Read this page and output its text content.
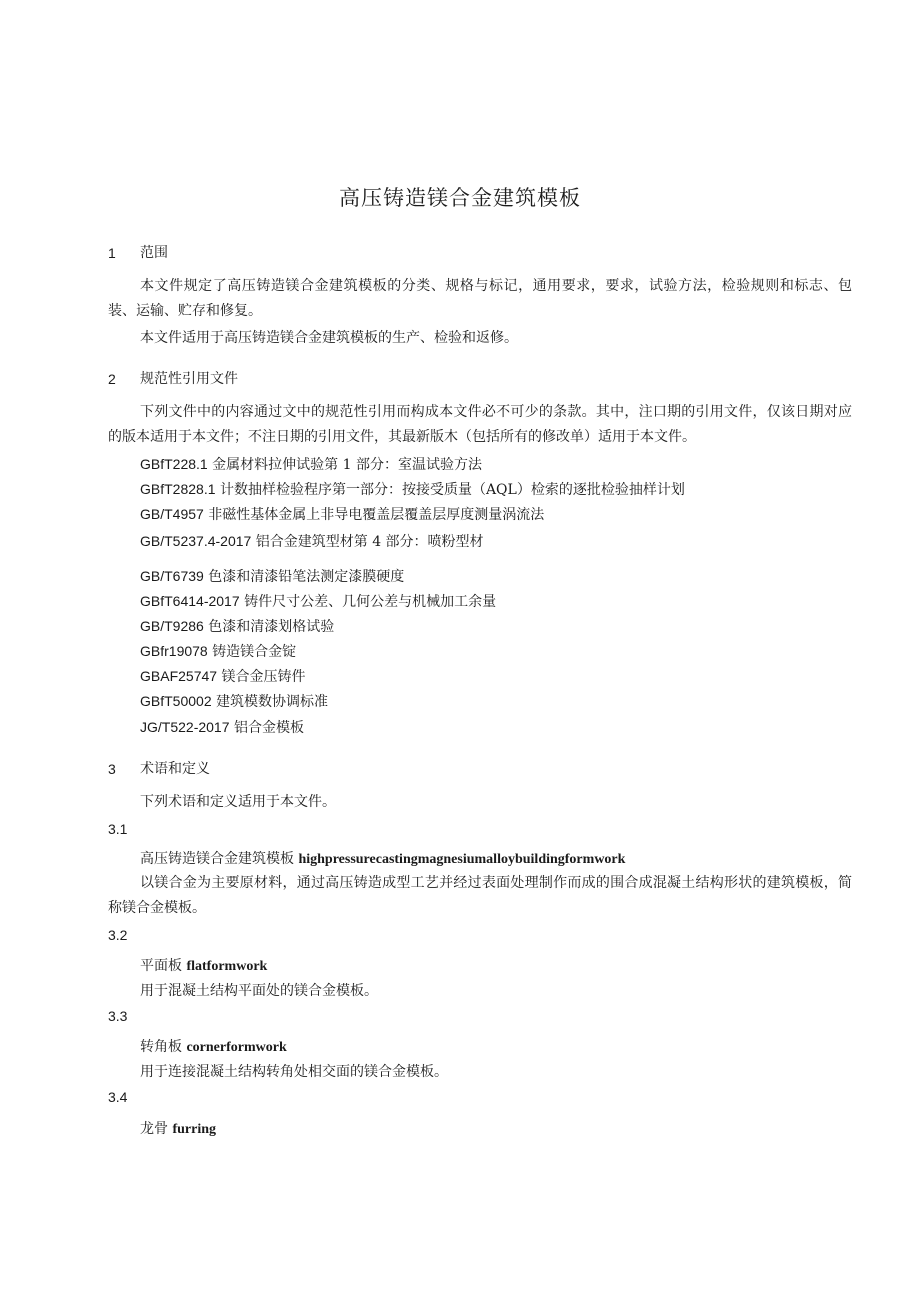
高压铸造镁合金建筑模板
1 范围
本文件规定了高压铸造镁合金建筑模板的分类、规格与标记，通用要求，要求，试验方法，检验规则和标志、包装、运输、贮存和修复。
本文件适用于高压铸造镁合金建筑模板的生产、检验和返修。
2 规范性引用文件
下列文件中的内容通过文中的规范性引用而构成本文件必不可少的条款。其中，注口期的引用文件，仅该日期对应的版本适用于本文件；不注日期的引用文件，其最新版木（包括所有的修改单）适用于本文件。
GBfT228.1 金属材料拉伸试验第 1 部分：室温试验方法
GBfT2828.1 计数抽样检验程序第一部分：按接受质量（AQL）检索的逐批检验抽样计划
GB/T4957 非磁性基体金属上非导电覆盖层覆盖层厚度测量涡流法
GB/T5237.4-2017 铝合金建筑型材第 4 部分：喷粉型材
GB/T6739 色漆和清漆铅笔法测定漆膜硬度
GBfT6414-2017 铸件尺寸公差、几何公差与机械加工余量
GB/T9286 色漆和清漆划格试验
GBfr19078 铸造镁合金锭
GBAF25747 镁合金压铸件
GBfT50002 建筑模数协调标准
JG/T522-2017 铝合金模板
3 术语和定义
下列术语和定义适用于本文件。
3.1
高压铸造镁合金建筑模板 highpressurecastingmagnesiumalloybuildingformwork
以镁合金为主要原材料，通过高压铸造成型工艺并经过表面处理制作而成的围合成混凝土结构形状的建筑模板，简称镁合金模板。
3.2
平面板 flatformwork
用于混凝土结构平面处的镁合金模板。
3.3
转角板 cornerformwork
用于连接混凝土结构转角处相交面的镁合金模板。
3.4
龙骨 furring
